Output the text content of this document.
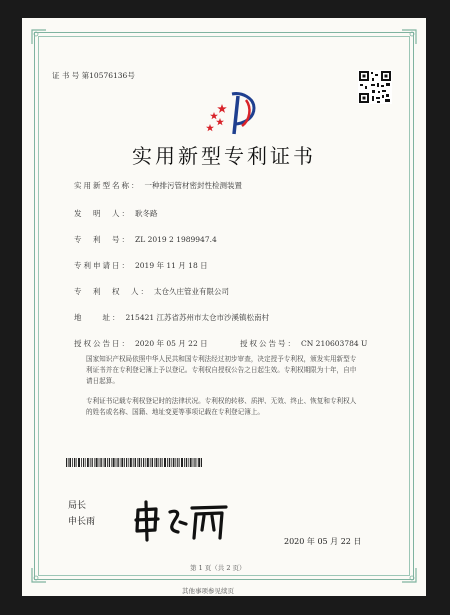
证 书 号 第10576136号
实用新型专利证书
实用新型名称： 一种排污管材密封性检测装置
发　明　人： 耿冬路
专　利　号： ZL 2019 2 1989947.4
专利申请日： 2019 年 11 月 18 日
专　利　权　人： 太仓久庄管业有限公司
地　　址： 215421 江苏省苏州市太仓市沙溪镇松南村
授权公告日： 2020 年 05 月 22 日	授权公告号： CN 210603784 U
国家知识产权局依照中华人民共和国专利法经过初步审查，决定授予专利权，颁发实用新型专利证书并在专利登记簿上予以登记。专利权自授权公告之日起生效。专利权期限为十年，自申请日起算。
专利证书记载专利权登记时的法律状况。专利权的转移、质押、无效、终止、恢复和专利权人的姓名或名称、国籍、地址变更等事项记载在专利登记簿上。
局长
申长雨
2020 年 05 月 22 日
第 1 页（共 2 页）
其他事项参见续页
